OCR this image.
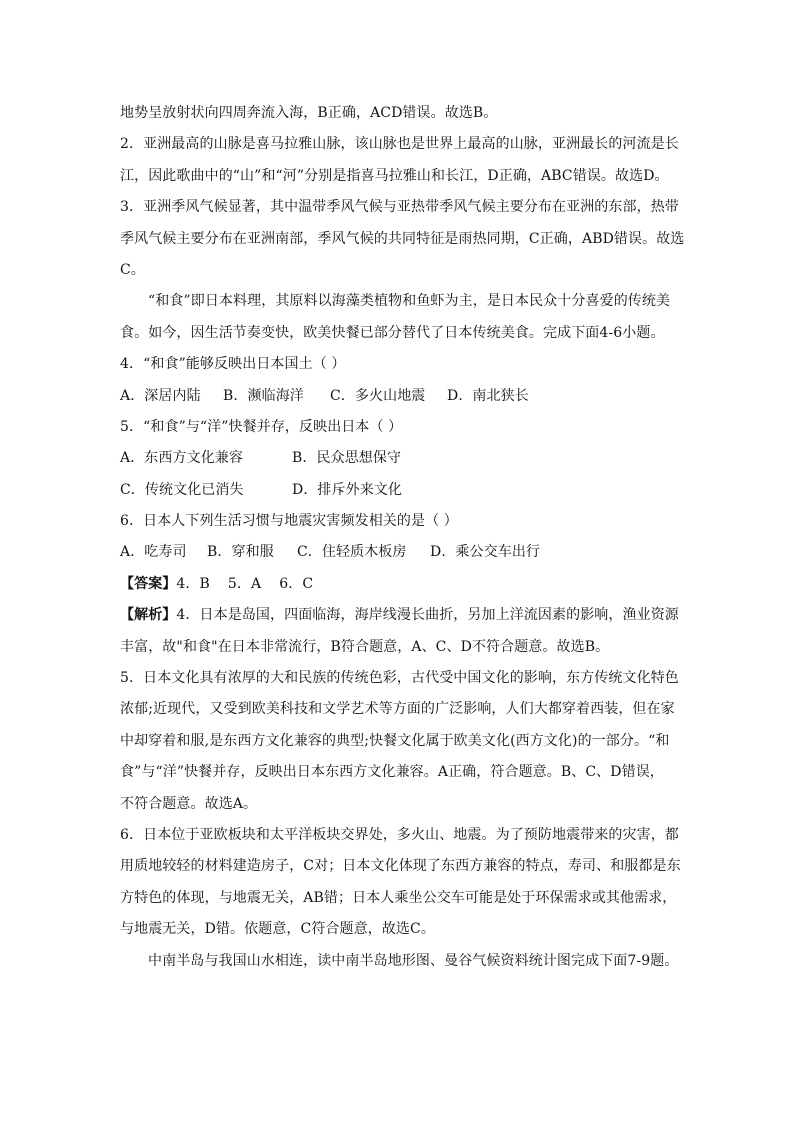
地势呈放射状向四周奔流入海，B正确，ACD错误。故选B。
2．亚洲最高的山脉是喜马拉雅山脉，该山脉也是世界上最高的山脉，亚洲最长的河流是长
江，因此歌曲中的“山”和“河”分别是指喜马拉雅山和长江，D正确，ABC错误。故选D。
3．亚洲季风气候显著，其中温带季风气候与亚热带季风气候主要分布在亚洲的东部，热带
季风气候主要分布在亚洲南部，季风气候的共同特征是雨热同期，C正确，ABD错误。故选
C。
“和食”即日本料理，其原料以海藻类植物和鱼虾为主，是日本民众十分喜爱的传统美
食。如今，因生活节奏变快，欧美快餐已部分替代了日本传统美食。完成下面4-6小题。
4．“和食”能够反映出日本国土（ ）
A．深居内陆 B．濒临海洋 C．多火山地震 D．南北狭长
5．“和食”与“洋”快餐并存，反映出日本（ ）
A．东西方文化兼容	B．民众思想保守
C．传统文化已消失	D．排斥外来文化
6．日本人下列生活习惯与地震灾害频发相关的是（ ）
A．吃寿司 B．穿和服 C．住轻质木板房 D．乘公交车出行
【答案】4．B 5．A 6．C
【解析】4．日本是岛国，四面临海，海岸线漫长曲折，另加上洋流因素的影响，渔业资源
丰富，故"和食"在日本非常流行，B符合题意，A、C、D不符合题意。故选B。
5．日本文化具有浓厚的大和民族的传统色彩，古代受中国文化的影响，东方传统文化特色
浓郁;近现代，又受到欧美科技和文学艺术等方面的广泛影响，人们大都穿着西装，但在家
中却穿着和服,是东西方文化兼容的典型;快餐文化属于欧美文化(西方文化)的一部分。“和
食”与“洋”快餐并存，反映出日本东西方文化兼容。A正确，符合题意。B、C、D错误，
不符合题意。故选A。
6．日本位于亚欧板块和太平洋板块交界处，多火山、地震。为了预防地震带来的灾害，都
用质地较轻的材料建造房子，C对；日本文化体现了东西方兼容的特点，寿司、和服都是东
方特色的体现，与地震无关，AB错；日本人乘坐公交车可能是处于环保需求或其他需求，
与地震无关，D错。依题意，C符合题意，故选C。
中南半岛与我国山水相连，读中南半岛地形图、曼谷气候资料统计图完成下面7-9题。
